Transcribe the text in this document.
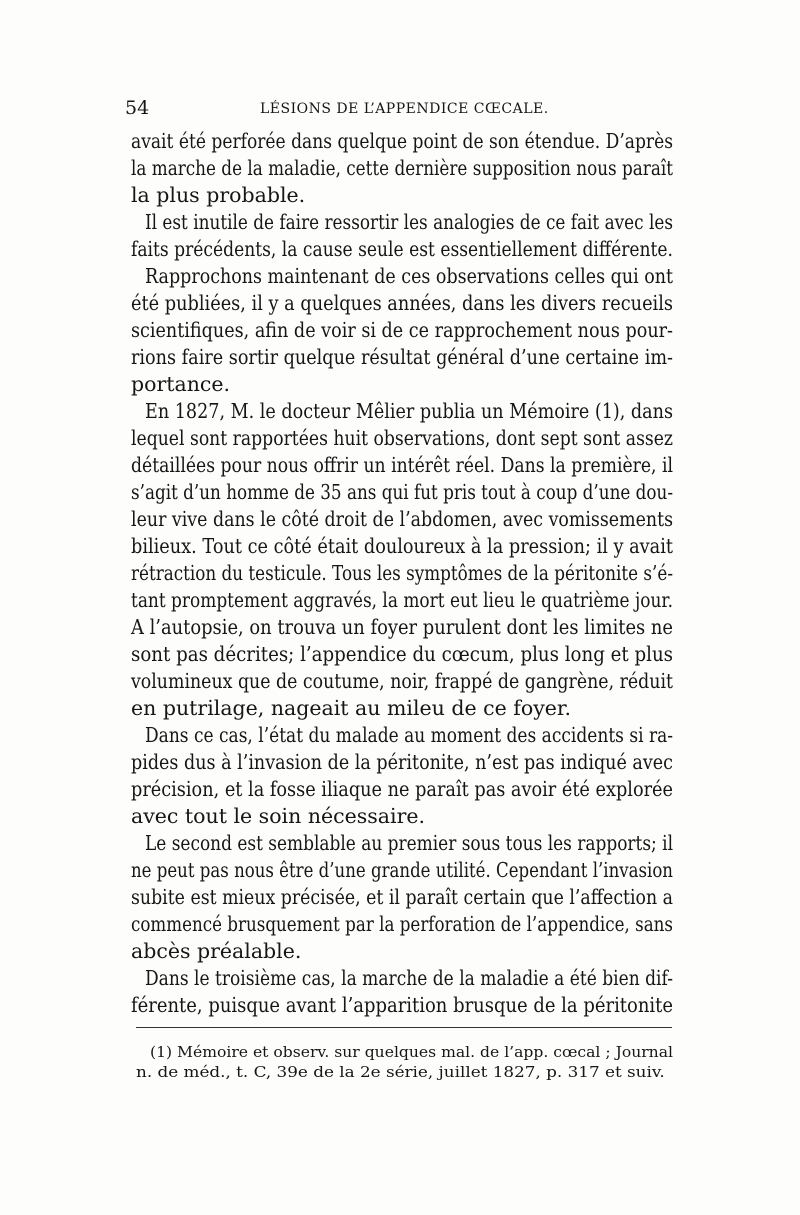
54	LÉSIONS DE L’APPENDICE CŒCALE.
avait été perforée dans quelque point de son étendue. D’après
la marche de la maladie, cette dernière supposition nous paraît
la plus probable.
Il est inutile de faire ressortir les analogies de ce fait avec les
faits précédents, la cause seule est essentiellement différente.
Rapprochons maintenant de ces observations celles qui ont
été publiées, il y a quelques années, dans les divers recueils
scientifiques, afin de voir si de ce rapprochement nous pour-
rions faire sortir quelque résultat général d’une certaine im-
portance.
En 1827, M. le docteur Mêlier publia un Mémoire (1), dans
lequel sont rapportées huit observations, dont sept sont assez
détaillées pour nous offrir un intérêt réel. Dans la première, il
s’agit d’un homme de 35 ans qui fut pris tout à coup d’une dou-
leur vive dans le côté droit de l’abdomen, avec vomissements
bilieux. Tout ce côté était douloureux à la pression; il y avait
rétraction du testicule. Tous les symptômes de la péritonite s’é-
tant promptement aggravés, la mort eut lieu le quatrième jour.
A l’autopsie, on trouva un foyer purulent dont les limites ne
sont pas décrites; l’appendice du cœcum, plus long et plus
volumineux que de coutume, noir, frappé de gangrène, réduit
en putrilage, nageait au mileu de ce foyer.
Dans ce cas, l’état du malade au moment des accidents si ra-
pides dus à l’invasion de la péritonite, n’est pas indiqué avec
précision, et la fosse iliaque ne paraît pas avoir été explorée
avec tout le soin nécessaire.
Le second est semblable au premier sous tous les rapports; il
ne peut pas nous être d’une grande utilité. Cependant l’invasion
subite est mieux précisée, et il paraît certain que l’affection a
commencé brusquement par la perforation de l’appendice, sans
abcès préalable.
Dans le troisième cas, la marche de la maladie a été bien dif-
férente, puisque avant l’apparition brusque de la péritonite
(1) Mémoire et observ. sur quelques mal. de l’app. cœcal ; Journal
n. de méd., t. C, 39e de la 2e série, juillet 1827, p. 317 et suiv.
